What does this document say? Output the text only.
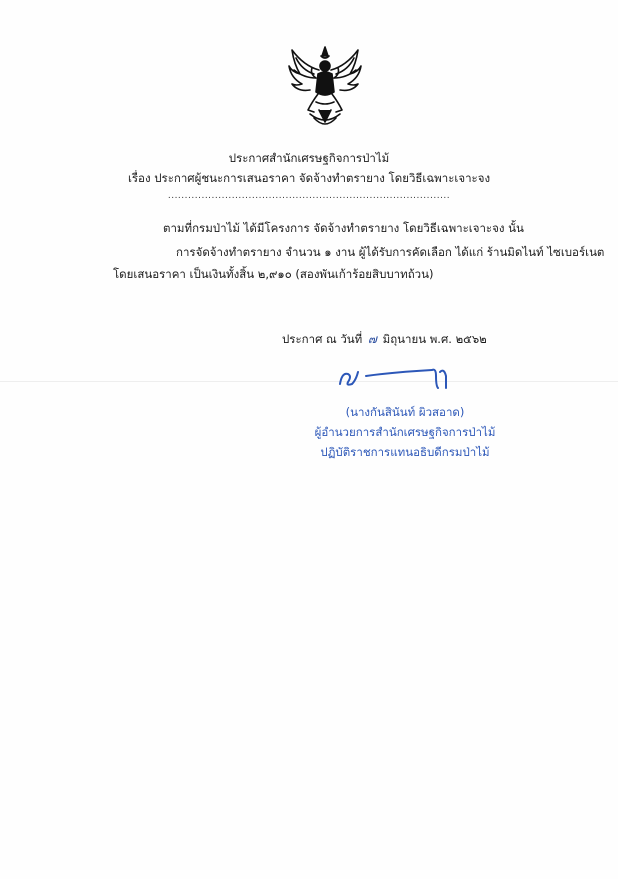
ประกาศสำนักเศรษฐกิจการป่าไม้
เรื่อง ประกาศผู้ชนะการเสนอราคา จัดจ้างทำตรายาง โดยวิธีเฉพาะเจาะจง
....................................................................................
ตามที่กรมป่าไม้ ได้มีโครงการ จัดจ้างทำตรายาง โดยวิธีเฉพาะเจาะจง นั้น
การจัดจ้างทำตรายาง จำนวน ๑ งาน ผู้ได้รับการคัดเลือก ได้แก่ ร้านมิดไนท์ ไซเบอร์เนต
โดยเสนอราคา เป็นเงินทั้งสิ้น ๒,๙๑๐ (สองพันเก้าร้อยสิบบาทถ้วน)
ประกาศ ณ วันที่ ๗ มิถุนายน พ.ศ. ๒๕๖๒
(นางกันสินันท์ ผิวสอาด)
ผู้อำนวยการสำนักเศรษฐกิจการป่าไม้
ปฏิบัติราชการแทนอธิบดีกรมป่าไม้
